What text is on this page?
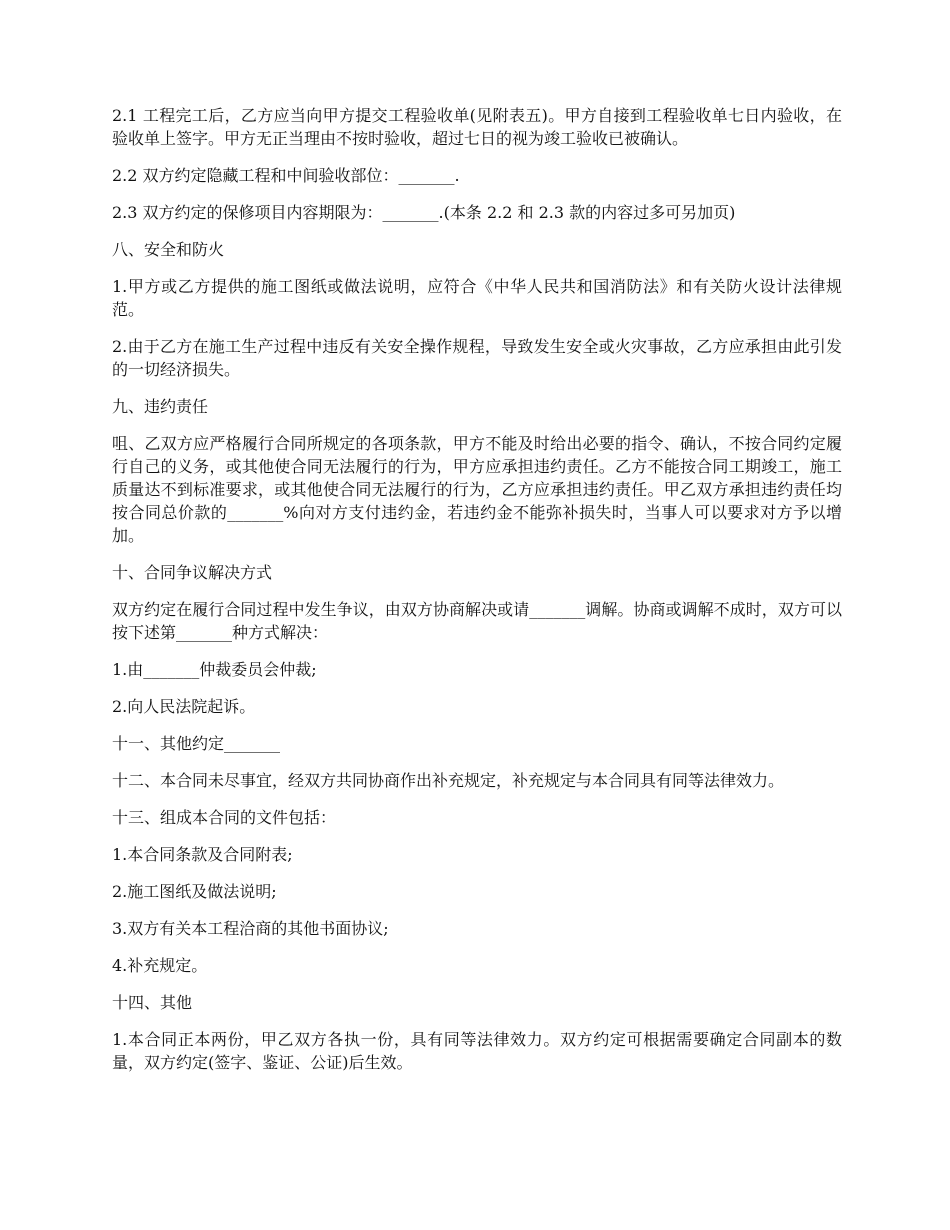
2.1 工程完工后，乙方应当向甲方提交工程验收单(见附表五)。甲方自接到工程验收单七日内验收，在验收单上签字。甲方无正当理由不按时验收，超过七日的视为竣工验收已被确认。

2.2 双方约定隐藏工程和中间验收部位：_______.

2.3 双方约定的保修项目内容期限为：_______.(本条 2.2 和 2.3 款的内容过多可另加页)

八、安全和防火

1.甲方或乙方提供的施工图纸或做法说明，应符合《中华人民共和国消防法》和有关防火设计法律规范。

2.由于乙方在施工生产过程中违反有关安全操作规程，导致发生安全或火灾事故，乙方应承担由此引发的一切经济损失。

九、违约责任

咀、乙双方应严格履行合同所规定的各项条款，甲方不能及时给出必要的指令、确认，不按合同约定履行自己的义务，或其他使合同无法履行的行为，甲方应承担违约责任。乙方不能按合同工期竣工，施工质量达不到标准要求，或其他使合同无法履行的行为，乙方应承担违约责任。甲乙双方承担违约责任均按合同总价款的_______%向对方支付违约金，若违约金不能弥补损失时，当事人可以要求对方予以增加。

十、合同争议解决方式

双方约定在履行合同过程中发生争议，由双方协商解决或请_______调解。协商或调解不成时，双方可以按下述第_______种方式解决：

1.由_______仲裁委员会仲裁;

2.向人民法院起诉。

十一、其他约定_______

十二、本合同未尽事宜，经双方共同协商作出补充规定，补充规定与本合同具有同等法律效力。

十三、组成本合同的文件包括：

1.本合同条款及合同附表;

2.施工图纸及做法说明;

3.双方有关本工程洽商的其他书面协议;

4.补充规定。

十四、其他

1.本合同正本两份，甲乙双方各执一份，具有同等法律效力。双方约定可根据需要确定合同副本的数量，双方约定(签字、鉴证、公证)后生效。
